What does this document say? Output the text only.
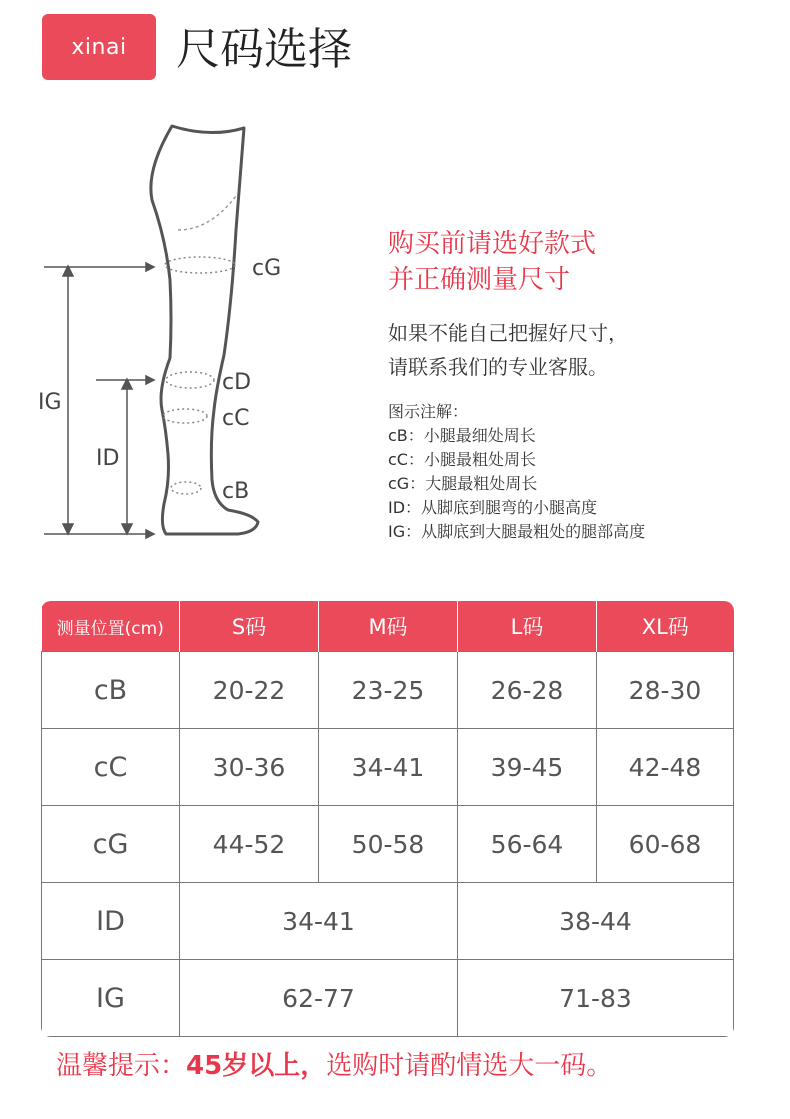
xinai 尺码选择
cG
cD
cC
cB
IG
ID

购买前请选好款式
并正确测量尺寸

如果不能自己把握好尺寸，
请联系我们的专业客服。
图示注解：
cB：小腿最细处周长
cC：小腿最粗处周长
cG：大腿最粗处周长
ID：从脚底到腿弯的小腿高度
IG：从脚底到大腿最粗处的腿部高度
测量位置(cm)	S码	M码	L码	XL码
cB	20-22	23-25	26-28	28-30
cC	30-36	34-41	39-45	42-48
cG	44-52	50-58	56-64	60-68
ID	34-41		38-44	
IG	62-77		71-83	
温馨提示：45岁以上，选购时请酌情选大一码。
